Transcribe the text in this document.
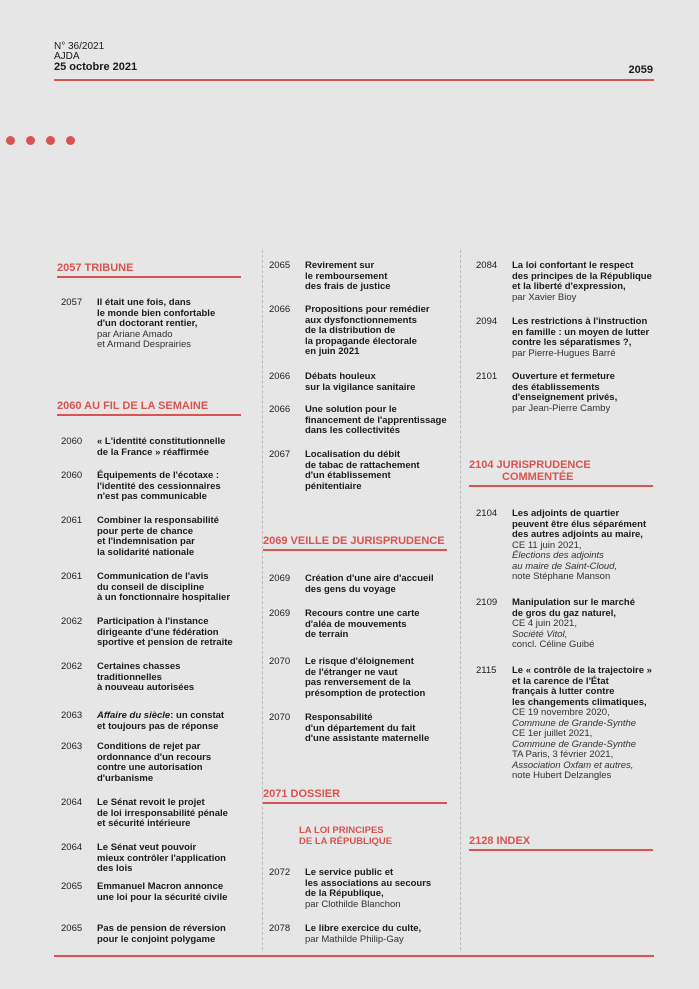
N° 36/2021
AJDA
25 octobre 2021	2059
2057 TRIBUNE
2060 AU FIL DE LA SEMAINE
2069 VEILLE DE JURISPRUDENCE
2071 DOSSIER
LA LOI PRINCIPES
DE LA RÉPUBLIQUE
2104 JURISPRUDENCE
COMMENTÉE
2128 INDEX
2057	Il était une fois, dans
le monde bien confortable
d'un doctorant rentier,
par Ariane Amado
et Armand Desprairies
2060	« L'identité constitutionnelle
de la France » réaffirmée
2060	Équipements de l'écotaxe :
l'identité des cessionnaires
n'est pas communicable
2061	Combiner la responsabilité
pour perte de chance
et l'indemnisation par
la solidarité nationale
2061	Communication de l'avis
du conseil de discipline
à un fonctionnaire hospitalier
2062	Participation à l'instance
dirigeante d'une fédération
sportive et pension de retraite
2062	Certaines chasses
traditionnelles
à nouveau autorisées
2063	Affaire du siècle: un constat
et toujours pas de réponse
2063	Conditions de rejet par
ordonnance d'un recours
contre une autorisation
d'urbanisme
2064	Le Sénat revoit le projet
de loi irresponsabilité pénale
et sécurité intérieure
2064	Le Sénat veut pouvoir
mieux contrôler l'application
des lois
2065	Emmanuel Macron annonce
une loi pour la sécurité civile
2065	Pas de pension de réversion
pour le conjoint polygame
2065	Revirement sur
le remboursement
des frais de justice
2066	Propositions pour remédier
aux dysfonctionnements
de la distribution de
la propagande électorale
en juin 2021
2066	Débats houleux
sur la vigilance sanitaire
2066	Une solution pour le
financement de l'apprentissage
dans les collectivités
2067	Localisation du débit
de tabac de rattachement
d'un établissement
pénitentiaire
2069	Création d'une aire d'accueil
des gens du voyage
2069	Recours contre une carte
d'aléa de mouvements
de terrain
2070	Le risque d'éloignement
de l'étranger ne vaut
pas renversement de la
présomption de protection
2070	Responsabilité
d'un département du fait
d'une assistante maternelle
2072	Le service public et
les associations au secours
de la République,
par Clothilde Blanchon
2078	Le libre exercice du culte,
par Mathilde Philip-Gay
2084	La loi confortant le respect
des principes de la République
et la liberté d'expression,
par Xavier Bioy
2094	Les restrictions à l'instruction
en famille : un moyen de lutter
contre les séparatismes ?,
par Pierre-Hugues Barré
2101	Ouverture et fermeture
des établissements
d'enseignement privés,
par Jean-Pierre Camby
2104	Les adjoints de quartier
peuvent être élus séparément
des autres adjoints au maire,
CE 11 juin 2021,
Élections des adjoints
au maire de Saint-Cloud,
note Stéphane Manson
2109	Manipulation sur le marché
de gros du gaz naturel,
CE 4 juin 2021,
Société Vitol,
concl. Céline Guibé
2115	Le « contrôle de la trajectoire »
et la carence de l'État
français à lutter contre
les changements climatiques,
CE 19 novembre 2020,
Commune de Grande-Synthe
CE 1er juillet 2021,
Commune de Grande-Synthe
TA Paris, 3 février 2021,
Association Oxfam et autres,
note Hubert Delzangles
